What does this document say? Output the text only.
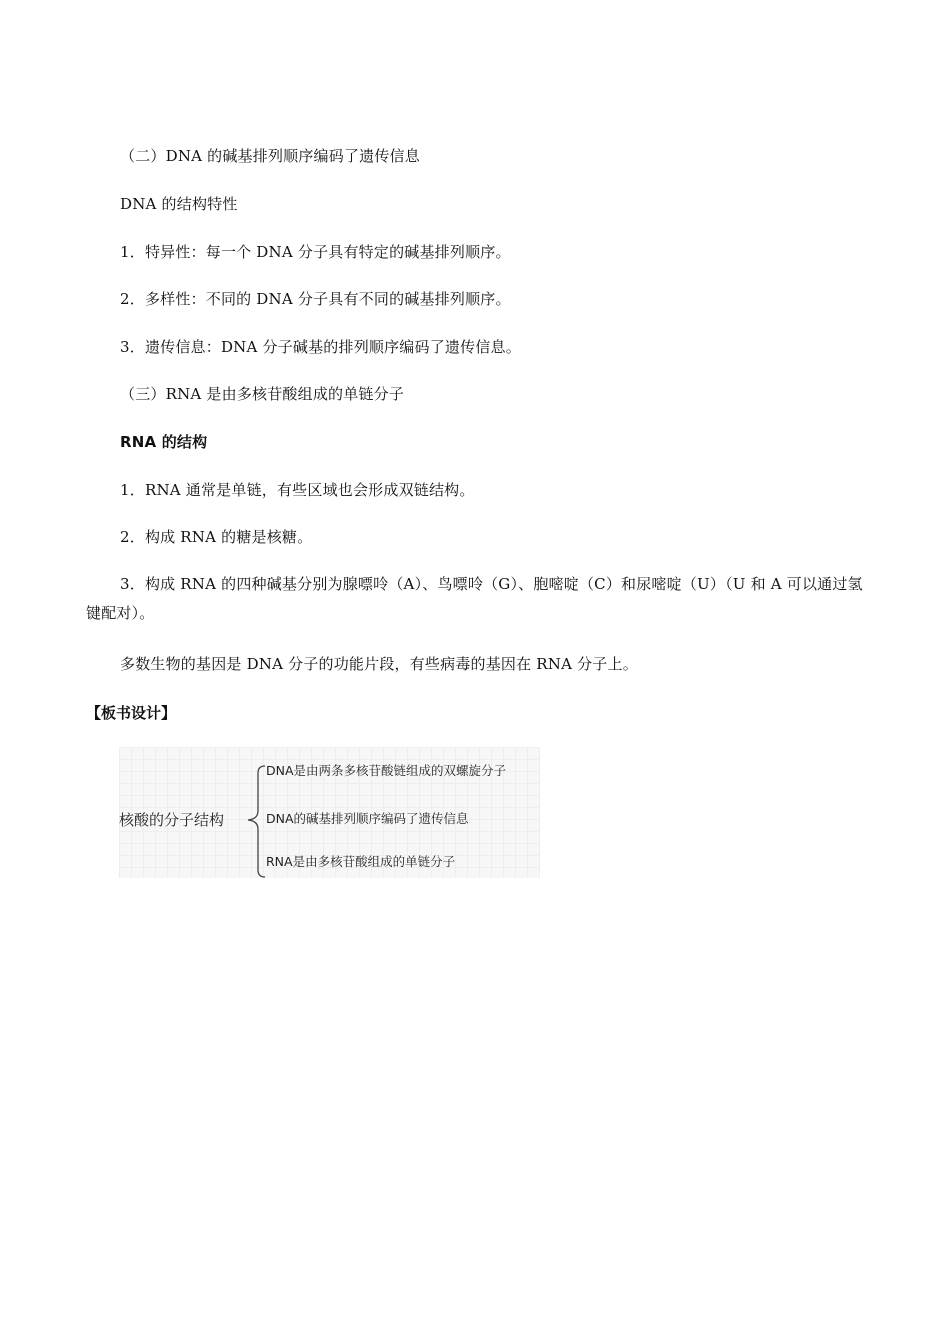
（二）DNA 的碱基排列顺序编码了遗传信息
DNA 的结构特性
1．特异性：每一个 DNA 分子具有特定的碱基排列顺序。
2．多样性：不同的 DNA 分子具有不同的碱基排列顺序。
3．遗传信息：DNA 分子碱基的排列顺序编码了遗传信息。
（三）RNA 是由多核苷酸组成的单链分子
RNA 的结构
1．RNA 通常是单链，有些区域也会形成双链结构。
2．构成 RNA 的糖是核糖。
3．构成 RNA 的四种碱基分别为腺嘌呤（A）、鸟嘌呤（G）、胞嘧啶（C）和尿嘧啶（U）（U 和 A 可以通过氢键配对）。
多数生物的基因是 DNA 分子的功能片段，有些病毒的基因在 RNA 分子上。
【板书设计】
核酸的分子结构
DNA是由两条多核苷酸链组成的双螺旋分子
DNA的碱基排列顺序编码了遗传信息
RNA是由多核苷酸组成的单链分子
